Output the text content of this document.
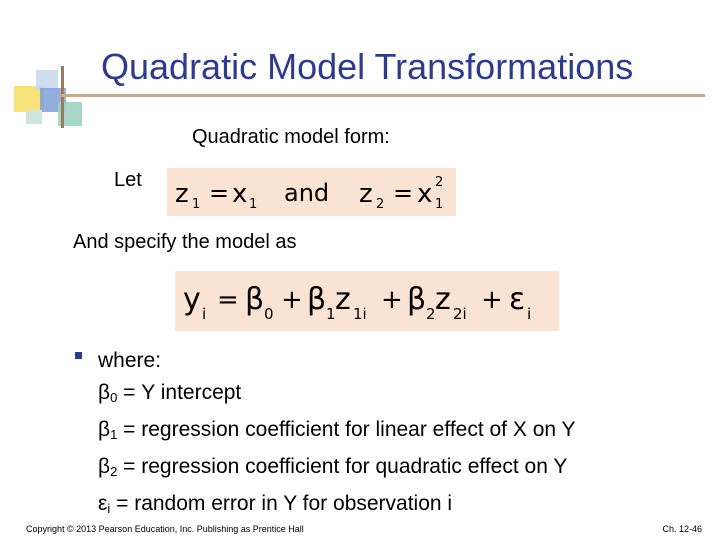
Quadratic Model Transformations
Quadratic model form:
Let z 1 = x 1 and z 2 = x 1
2
And specify the model as
y i = β 0 + β 1 z 1i + β 2 z 2i + ε i
where:
$\beta_0 = Y$ intercept
$\beta_1$ = regression coefficient for linear effect of X on Y
$\beta_2$ = regression coefficient for quadratic effect on Y
$\varepsilon_i$ = random error in Y for observation i
Copyright © 2013 Pearson Education, Inc. Publishing as Prentice Hall	Ch. 12-46
